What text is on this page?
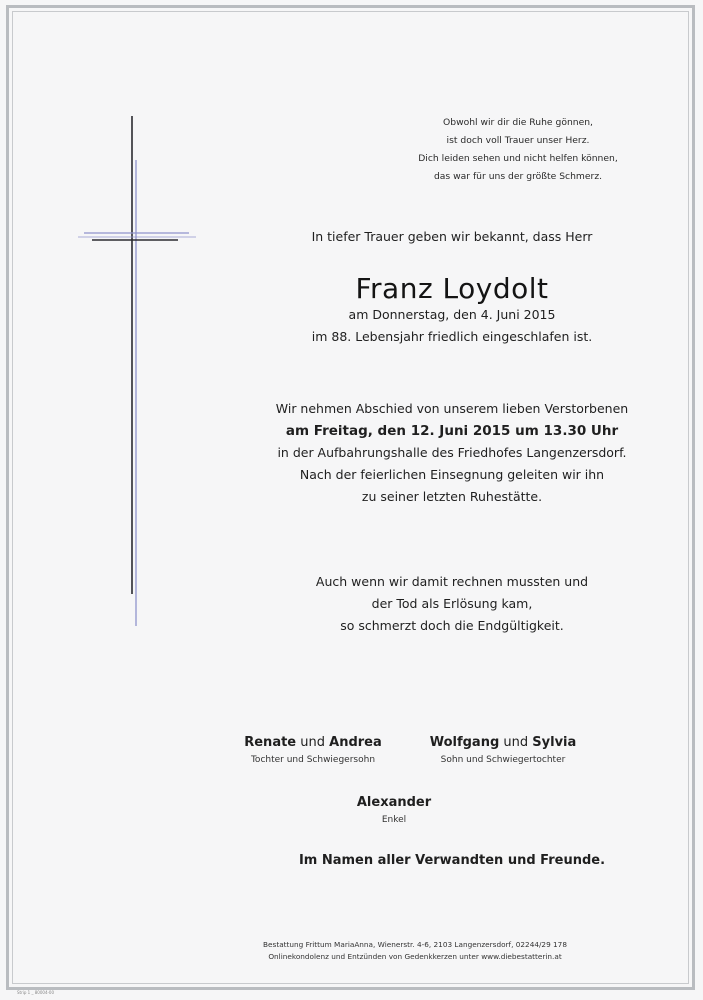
Obwohl wir dir die Ruhe gönnen,
ist doch voll Trauer unser Herz.
Dich leiden sehen und nicht helfen können,
das war für uns der größte Schmerz.
In tiefer Trauer geben wir bekannt, dass Herr
Franz Loydolt
am Donnerstag, den 4. Juni 2015
im 88. Lebensjahr friedlich eingeschlafen ist.
Wir nehmen Abschied von unserem lieben Verstorbenen
am Freitag, den 12. Juni 2015 um 13.30 Uhr
in der Aufbahrungshalle des Friedhofes Langenzersdorf.
Nach der feierlichen Einsegnung geleiten wir ihn
zu seiner letzten Ruhestätte.
Auch wenn wir damit rechnen mussten und
der Tod als Erlösung kam,
so schmerzt doch die Endgültigkeit.
Renate und Andrea
Tochter und Schwiegersohn
Wolfgang und Sylvia
Sohn und Schwiegertochter
Alexander
Enkel
Im Namen aller Verwandten und Freunde.
Bestattung Frittum MariaAnna, Wienerstr. 4-6, 2103 Langenzersdorf, 02244/29 178
Onlinekondolenz und Entzünden von Gedenkkerzen unter www.diebestatterin.at
Strip 1 _ 80004-00
